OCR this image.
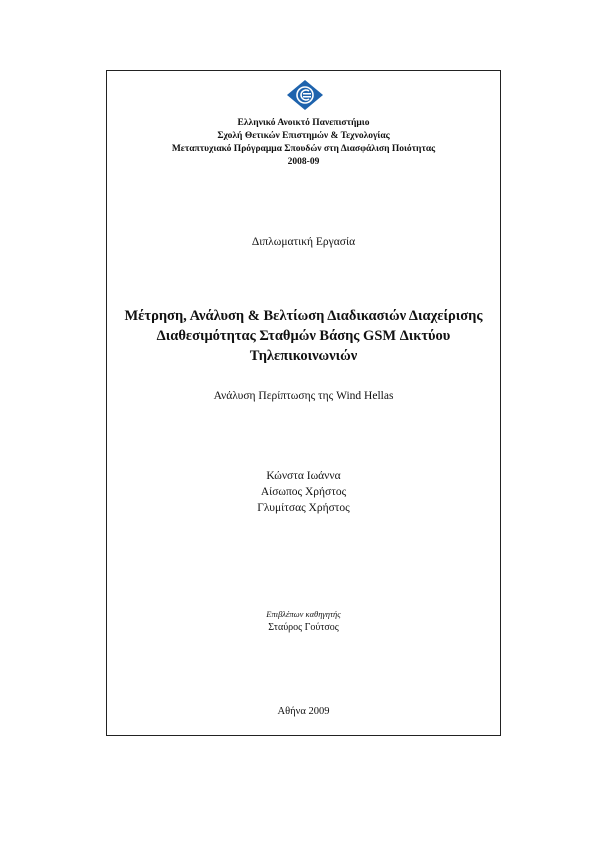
Ελληνικό Ανοικτό Πανεπιστήμιο
Σχολή Θετικών Επιστημών & Τεχνολογίας
Μεταπτυχιακό Πρόγραμμα Σπουδών στη Διασφάλιση Ποιότητας
2008-09
Διπλωματική Εργασία
Μέτρηση, Ανάλυση & Βελτίωση Διαδικασιών Διαχείρισης
Διαθεσιμότητας Σταθμών Βάσης GSM Δικτύου
Τηλεπικοινωνιών
Ανάλυση Περίπτωσης της Wind Hellas
Κώνστα Ιωάννα
Αίσωπος Χρήστος
Γλυμίτσας Χρήστος
Επιβλέπων καθηγητής
Σταύρος Γούτσος
Αθήνα 2009
